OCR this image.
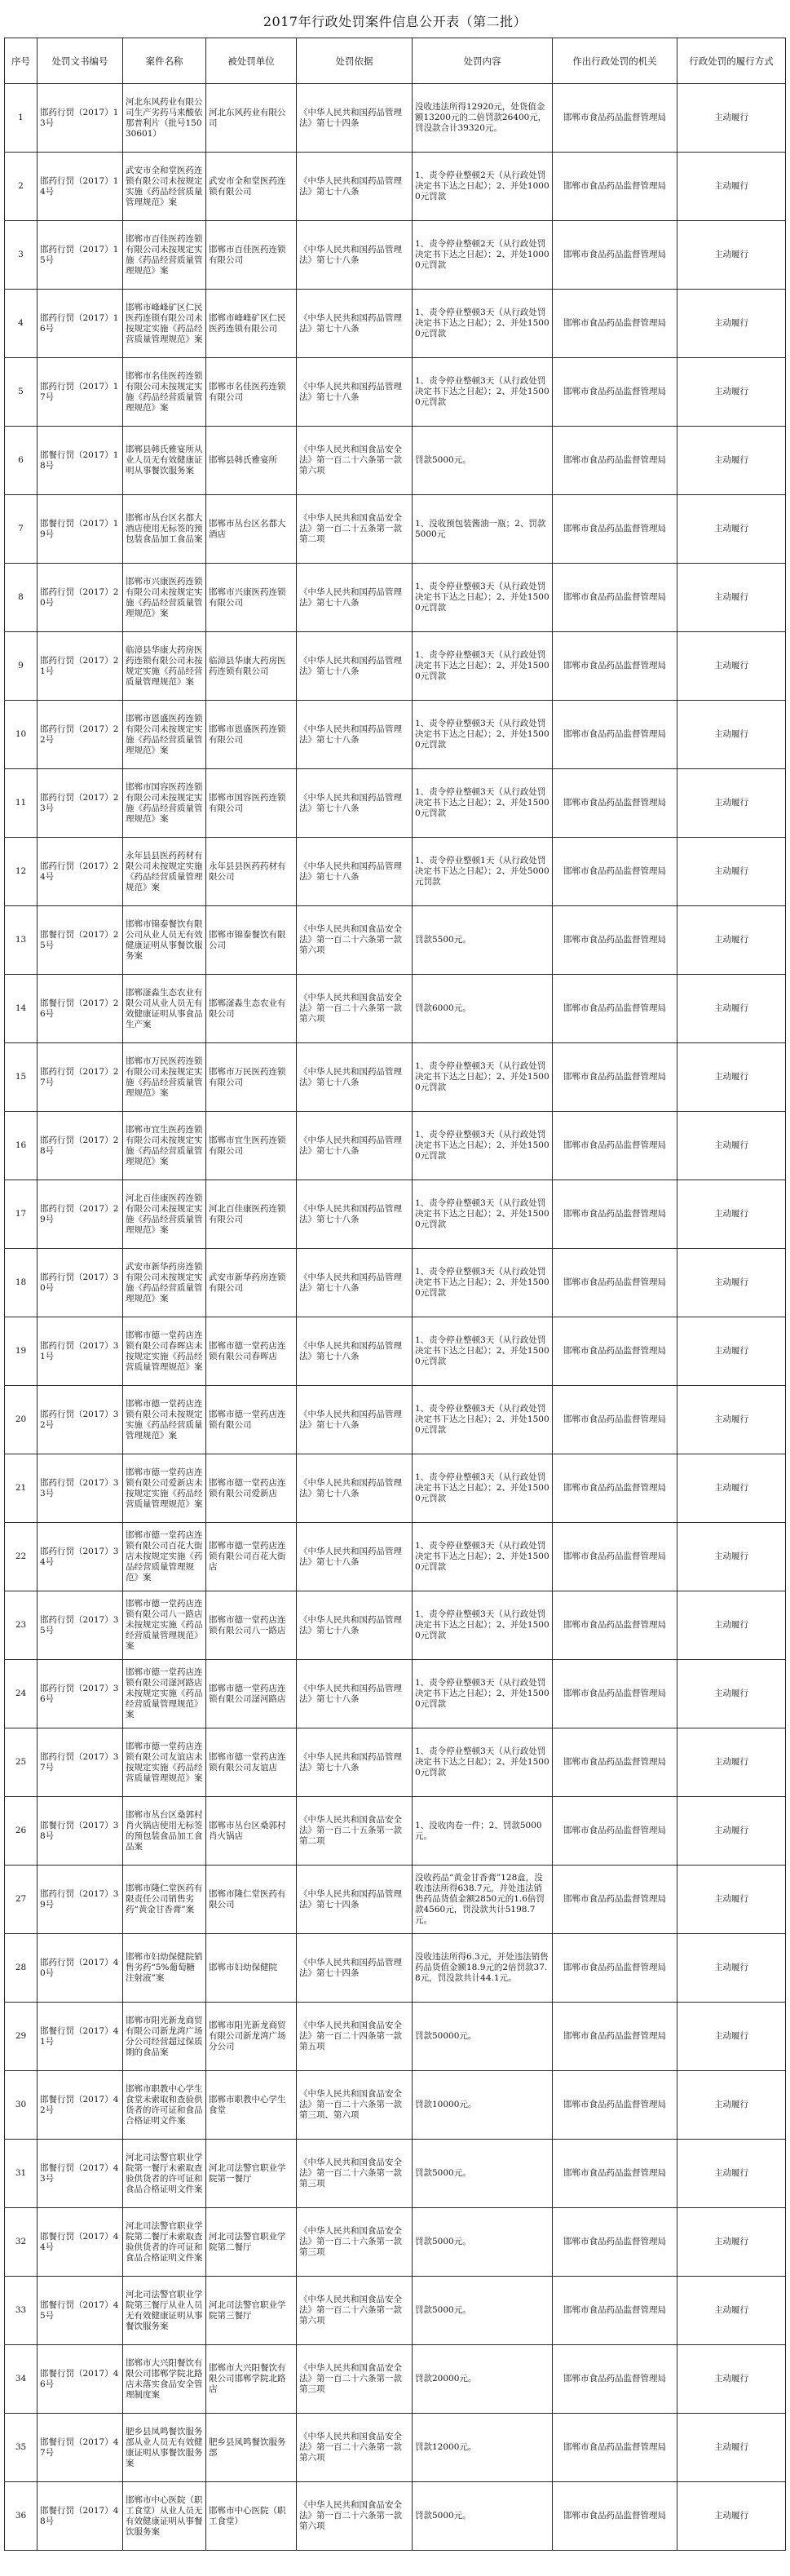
2017年行政处罚案件信息公开表（第二批）
序号	处罚文书编号	案件名称	被处罚单位	处罚依据	处罚内容	作出行政处罚的机关	行政处罚的履行方式
1	邯药行罚（2017）13号	河北东风药业有限公司生产劣药马来酸依那普利片（批号15030601）	河北东风药业有限公司	《中华人民共和国药品管理法》第七十四条	没收违法所得12920元，处货值金额13200元的二倍罚款26400元，罚没款合计39320元。	邯郸市食品药品监督管理局	主动履行
2	邯药行罚（2017）14号	武安市全和堂医药连锁有限公司未按规定实施《药品经营质量管理规范》案	武安市全和堂医药连锁有限公司	《中华人民共和国药品管理法》第七十八条	1、责令停业整顿2天（从行政处罚决定书下达之日起）；2、并处10000元罚款	邯郸市食品药品监督管理局	主动履行
3	邯药行罚（2017）15号	邯郸市百佳医药连锁有限公司未按规定实施《药品经营质量管理规范》案	邯郸市百佳医药连锁有限公司	《中华人民共和国药品管理法》第七十八条	1、责令停业整顿2天（从行政处罚决定书下达之日起）；2、并处10000元罚款	邯郸市食品药品监督管理局	主动履行
4	邯药行罚（2017）16号	邯郸市峰峰矿区仁民医药连锁有限公司未按规定实施《药品经营质量管理规范》案	邯郸市峰峰矿区仁民医药连锁有限公司	《中华人民共和国药品管理法》第七十八条	1、责令停业整顿3天（从行政处罚决定书下达之日起）；2、并处15000元罚款	邯郸市食品药品监督管理局	主动履行
5	邯药行罚（2017）17号	邯郸市名佳医药连锁有限公司未按规定实施《药品经营质量管理规范》案	邯郸市名佳医药连锁有限公司	《中华人民共和国药品管理法》第七十八条	1、责令停业整顿3天（从行政处罚决定书下达之日起）；2、并处15000元罚款	邯郸市食品药品监督管理局	主动履行
6	邯餐行罚（2017）18号	邯郸县韩氏雅宴所从业人员无有效健康证明从事餐饮服务案	邯郸县韩氏雅宴所	《中华人民共和国食品安全法》第一百二十六条第一款第六项	罚款5000元。	邯郸市食品药品监督管理局	主动履行
7	邯餐行罚（2017）19号	邯郸市丛台区名都大酒店使用无标签的预包装食品加工食品案	邯郸市丛台区名都大酒店	《中华人民共和国食品安全法》第一百二十五条第一款第二项	1、没收预包装酱油一瓶；2、罚款5000元	邯郸市食品药品监督管理局	主动履行
8	邯药行罚（2017）20号	邯郸市兴康医药连锁有限公司未按规定实施《药品经营质量管理规范》案	邯郸市兴康医药连锁有限公司	《中华人民共和国药品管理法》第七十八条	1、责令停业整顿3天（从行政处罚决定书下达之日起）；2、并处15000元罚款	邯郸市食品药品监督管理局	主动履行
9	邯药行罚（2017）21号	临漳县华康大药房医药连锁有限公司未按规定实施《药品经营质量管理规范》案	临漳县华康大药房医药连锁有限公司	《中华人民共和国药品管理法》第七十八条	1、责令停业整顿3天（从行政处罚决定书下达之日起）；2、并处15000元罚款	邯郸市食品药品监督管理局	主动履行
10	邯药行罚（2017）22号	邯郸市恩盛医药连锁有限公司未按规定实施《药品经营质量管理规范》案	邯郸市恩盛医药连锁有限公司	《中华人民共和国药品管理法》第七十八条	1、责令停业整顿3天（从行政处罚决定书下达之日起）；2、并处15000元罚款	邯郸市食品药品监督管理局	主动履行
11	邯药行罚（2017）23号	邯郸市国容医药连锁有限公司未按规定实施《药品经营质量管理规范》案	邯郸市国容医药连锁有限公司	《中华人民共和国药品管理法》第七十八条	1、责令停业整顿3天（从行政处罚决定书下达之日起）；2、并处15000元罚款	邯郸市食品药品监督管理局	主动履行
12	邯药行罚（2017）24号	永年县县医药药材有限公司未按规定实施《药品经营质量管理规范》案	永年县县医药药材有限公司	《中华人民共和国药品管理法》第七十八条	1、责令停业整顿1天（从行政处罚决定书下达之日起）；2、并处5000元罚款	邯郸市食品药品监督管理局	主动履行
13	邯餐行罚（2017）25号	邯郸市锦泰餐饮有限公司从业人员无有效健康证明从事餐饮服务案	邯郸市锦泰餐饮有限公司	《中华人民共和国食品安全法》第一百二十六条第一款第六项	罚款5500元。	邯郸市食品药品监督管理局	主动履行
14	邯餐行罚（2017）26号	邯郸滏淼生态农业有限公司从业人员无有效健康证明从事食品生产案	邯郸滏淼生态农业有限公司	《中华人民共和国食品安全法》第一百二十六条第一款第六项	罚款6000元。	邯郸市食品药品监督管理局	主动履行
15	邯药行罚（2017）27号	邯郸市万民医药连锁有限公司未按规定实施《药品经营质量管理规范》案	邯郸市万民医药连锁有限公司	《中华人民共和国药品管理法》第七十八条	1、责令停业整顿3天（从行政处罚决定书下达之日起）；2、并处15000元罚款	邯郸市食品药品监督管理局	主动履行
16	邯药行罚（2017）28号	邯郸市宜生医药连锁有限公司未按规定实施《药品经营质量管理规范》案	邯郸市宜生医药连锁有限公司	《中华人民共和国药品管理法》第七十八条	1、责令停业整顿3天（从行政处罚决定书下达之日起）；2、并处15000元罚款	邯郸市食品药品监督管理局	主动履行
17	邯药行罚（2017）29号	河北百佳康医药连锁有限公司未按规定实施《药品经营质量管理规范》案	河北百佳康医药连锁有限公司	《中华人民共和国药品管理法》第七十八条	1、责令停业整顿3天（从行政处罚决定书下达之日起）；2、并处15000元罚款	邯郸市食品药品监督管理局	主动履行
18	邯药行罚（2017）30号	武安市新华药房连锁有限公司未按规定实施《药品经营质量管理规范》案	武安市新华药房连锁有限公司	《中华人民共和国药品管理法》第七十八条	1、责令停业整顿3天（从行政处罚决定书下达之日起）；2、并处15000元罚款	邯郸市食品药品监督管理局	主动履行
19	邯药行罚（2017）31号	邯郸市德一堂药店连锁有限公司春晖店未按规定实施《药品经营质量管理规范》案	邯郸市德一堂药店连锁有限公司春晖店	《中华人民共和国药品管理法》第七十八条	1、责令停业整顿3天（从行政处罚决定书下达之日起）；2、并处15000元罚款	邯郸市食品药品监督管理局	主动履行
20	邯药行罚（2017）32号	邯郸市德一堂药店连锁有限公司未按规定实施《药品经营质量管理规范》案	邯郸市德一堂药店连锁有限公司	《中华人民共和国药品管理法》第七十八条	1、责令停业整顿3天（从行政处罚决定书下达之日起）；2、并处15000元罚款	邯郸市食品药品监督管理局	主动履行
21	邯药行罚（2017）33号	邯郸市德一堂药店连锁有限公司爱新店未按规定实施《药品经营质量管理规范》案	邯郸市德一堂药店连锁有限公司爱新店	《中华人民共和国药品管理法》第七十八条	1、责令停业整顿3天（从行政处罚决定书下达之日起）；2、并处15000元罚款	邯郸市食品药品监督管理局	主动履行
22	邯药行罚（2017）34号	邯郸市德一堂药店连锁有限公司百花大街店未按规定实施《药品经营质量管理规范》案	邯郸市德一堂药店连锁有限公司百花大街店	《中华人民共和国药品管理法》第七十八条	1、责令停业整顿3天（从行政处罚决定书下达之日起）；2、并处15000元罚款	邯郸市食品药品监督管理局	主动履行
23	邯药行罚（2017）35号	邯郸市德一堂药店连锁有限公司八一路店未按规定实施《药品经营质量管理规范》案	邯郸市德一堂药店连锁有限公司八一路店	《中华人民共和国药品管理法》第七十八条	1、责令停业整顿3天（从行政处罚决定书下达之日起）；2、并处15000元罚款	邯郸市食品药品监督管理局	主动履行
24	邯药行罚（2017）36号	邯郸市德一堂药店连锁有限公司滏河路店未按规定实施《药品经营质量管理规范》案	邯郸市德一堂药店连锁有限公司滏河路店	《中华人民共和国药品管理法》第七十八条	1、责令停业整顿3天（从行政处罚决定书下达之日起）；2、并处15000元罚款	邯郸市食品药品监督管理局	主动履行
25	邯药行罚（2017）37号	邯郸市德一堂药店连锁有限公司友谊店未按规定实施《药品经营质量管理规范》案	邯郸市德一堂药店连锁有限公司友谊店	《中华人民共和国药品管理法》第七十八条	1、责令停业整顿3天（从行政处罚决定书下达之日起）；2、并处15000元罚款	邯郸市食品药品监督管理局	主动履行
26	邯餐行罚（2017）38号	邯郸市丛台区桑郭村肖火锅店使用无标签的预包装食品加工食品案	邯郸市丛台区桑郭村肖火锅店	《中华人民共和国食品安全法》第一百二十五条第一款第二项	1、没收肉卷一件；2、罚款5000元。	邯郸市食品药品监督管理局	主动履行
27	邯药行罚（2017）39号	邯郸市隆仁堂医药有限责任公司销售劣药“黄金甘香膏”案	邯郸市隆仁堂医药有限公司	《中华人民共和国药品管理法》第七十四条	没收药品“黄金甘香膏”128盒，没收违法所得638.7元，并处违法销售药品货值金额2850元的1.6倍罚款4560元，罚没款共计5198.7元。	邯郸市食品药品监督管理局	主动履行
28	邯药行罚（2017）40号	邯郸市妇幼保健院销售劣药“5%葡萄糖注射液”案	邯郸市妇幼保健院	《中华人民共和国药品管理法》第七十四条	没收违法所得6.3元，并处违法销售药品货值金额18.9元的2倍罚款37.8元，罚没款共计44.1元。	邯郸市食品药品监督管理局	主动履行
29	邯餐行罚（2017）41号	邯郸市阳光新龙商贸有限公司新龙湾广场分公司经营超过保质期的食品案	邯郸市阳光新龙商贸有限公司新龙湾广场分公司	《中华人民共和国食品安全法》第一百二十四条第一款第五项	罚款50000元。	邯郸市食品药品监督管理局	主动履行
30	邯餐行罚（2017）42号	邯郸市职教中心学生食堂未索取和查验供货者的许可证和食品合格证明文件案	邯郸市职教中心学生食堂	《中华人民共和国食品安全法》第一百二十六条第一款第三项、第六项	罚款10000元。	邯郸市食品药品监督管理局	主动履行
31	邯餐行罚（2017）43号	河北司法警官职业学院第一餐厅未索取查验供货者的许可证和食品合格证明文件案	河北司法警官职业学院第一餐厅	《中华人民共和国食品安全法》第一百二十六条第一款第三项	罚款5000元。	邯郸市食品药品监督管理局	主动履行
32	邯餐行罚（2017）44号	河北司法警官职业学院第二餐厅未索取查验供货者的许可证和食品合格证明文件案	河北司法警官职业学院第二餐厅	《中华人民共和国食品安全法》第一百二十六条第一款第三项	罚款5000元。	邯郸市食品药品监督管理局	主动履行
33	邯餐行罚（2017）45号	河北司法警官职业学院第三餐厅从业人员无有效健康证明从事餐饮服务案	河北司法警官职业学院第三餐厅	《中华人民共和国食品安全法》第一百二十六条第一款第六项	罚款5000元。	邯郸市食品药品监督管理局	主动履行
34	邯餐行罚（2017）46号	邯郸市大兴阳餐饮有限公司邯郸学院北路店未落实食品安全管理制度案	邯郸市大兴阳餐饮有限公司邯郸学院北路店	《中华人民共和国食品安全法》第一百二十六条第一款第三项	罚款20000元。	邯郸市食品药品监督管理局	主动履行
35	邯餐行罚（2017）47号	肥乡县凤鸣餐饮服务部从业人员无有效健康证明从事餐饮服务案	肥乡县凤鸣餐饮服务部	《中华人民共和国食品安全法》第一百二十六条第一款第六项	罚款12000元。	邯郸市食品药品监督管理局	主动履行
36	邯餐行罚（2017）48号	邯郸市中心医院（职工食堂）从业人员无有效健康证明从事餐饮服务案	邯郸市中心医院（职工食堂）	《中华人民共和国食品安全法》第一百二十六条第一款第六项	罚款5000元。	邯郸市食品药品监督管理局	主动履行
